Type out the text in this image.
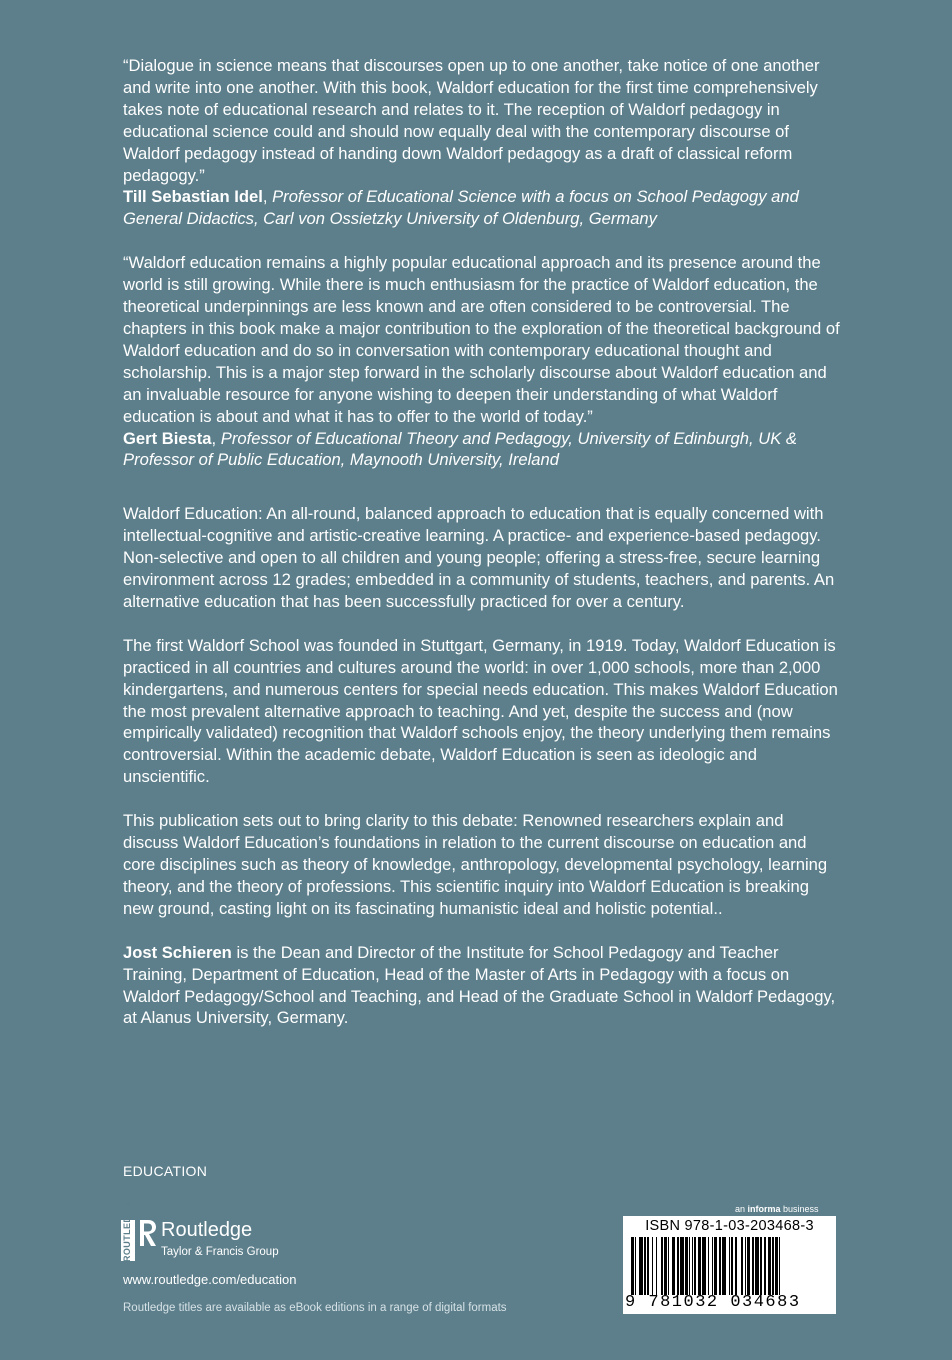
“Dialogue in science means that discourses open up to one another, take notice of one another and write into one another. With this book, Waldorf education for the first time comprehensively takes note of educational research and relates to it. The reception of Waldorf pedagogy in educational science could and should now equally deal with the contemporary discourse of Waldorf pedagogy instead of handing down Waldorf pedagogy as a draft of classical reform pedagogy.”

Till Sebastian Idel, Professor of Educational Science with a focus on School Pedagogy and General Didactics, Carl von Ossietzky University of Oldenburg, Germany

“Waldorf education remains a highly popular educational approach and its presence around the world is still growing. While there is much enthusiasm for the practice of Waldorf education, the theoretical underpinnings are less known and are often considered to be controversial. The chapters in this book make a major contribution to the exploration of the theoretical background of Waldorf education and do so in conversation with contemporary educational thought and scholarship. This is a major step forward in the scholarly discourse about Waldorf education and an invaluable resource for anyone wishing to deepen their understanding of what Waldorf education is about and what it has to offer to the world of today.”

Gert Biesta, Professor of Educational Theory and Pedagogy, University of Edinburgh, UK & Professor of Public Education, Maynooth University, Ireland

Waldorf Education: An all-round, balanced approach to education that is equally concerned with intellectual-cognitive and artistic-creative learning. A practice- and experience-based pedagogy. Non-selective and open to all children and young people; offering a stress-free, secure learning environment across 12 grades; embedded in a community of students, teachers, and parents. An alternative education that has been successfully practiced for over a century.

The first Waldorf School was founded in Stuttgart, Germany, in 1919. Today, Waldorf Education is practiced in all countries and cultures around the world: in over 1,000 schools, more than 2,000 kindergartens, and numerous centers for special needs education. This makes Waldorf Education the most prevalent alternative approach to teaching. And yet, despite the success and (now empirically validated) recognition that Waldorf schools enjoy, the theory underlying them remains controversial. Within the academic debate, Waldorf Education is seen as ideologic and unscientific.

This publication sets out to bring clarity to this debate: Renowned researchers explain and discuss Waldorf Education’s foundations in relation to the current discourse on education and core disciplines such as theory of knowledge, anthropology, developmental psychology, learning theory, and the theory of professions. This scientific inquiry into Waldorf Education is breaking new ground, casting light on its fascinating humanistic ideal and holistic potential..

Jost Schieren is the Dean and Director of the Institute for School Pedagogy and Teacher Training, Department of Education, Head of the Master of Arts in Pedagogy with a focus on Waldorf Pedagogy/School and Teaching, and Head of the Graduate School in Waldorf Pedagogy, at Alanus University, Germany.

EDUCATION
ROUTLEDGE Routledge
Taylor & Francis Group
www.routledge.com/education
Routledge titles are available as eBook editions in a range of digital formats
an informa business
ISBN 978-1-03-203468-3
9 781032 034683
